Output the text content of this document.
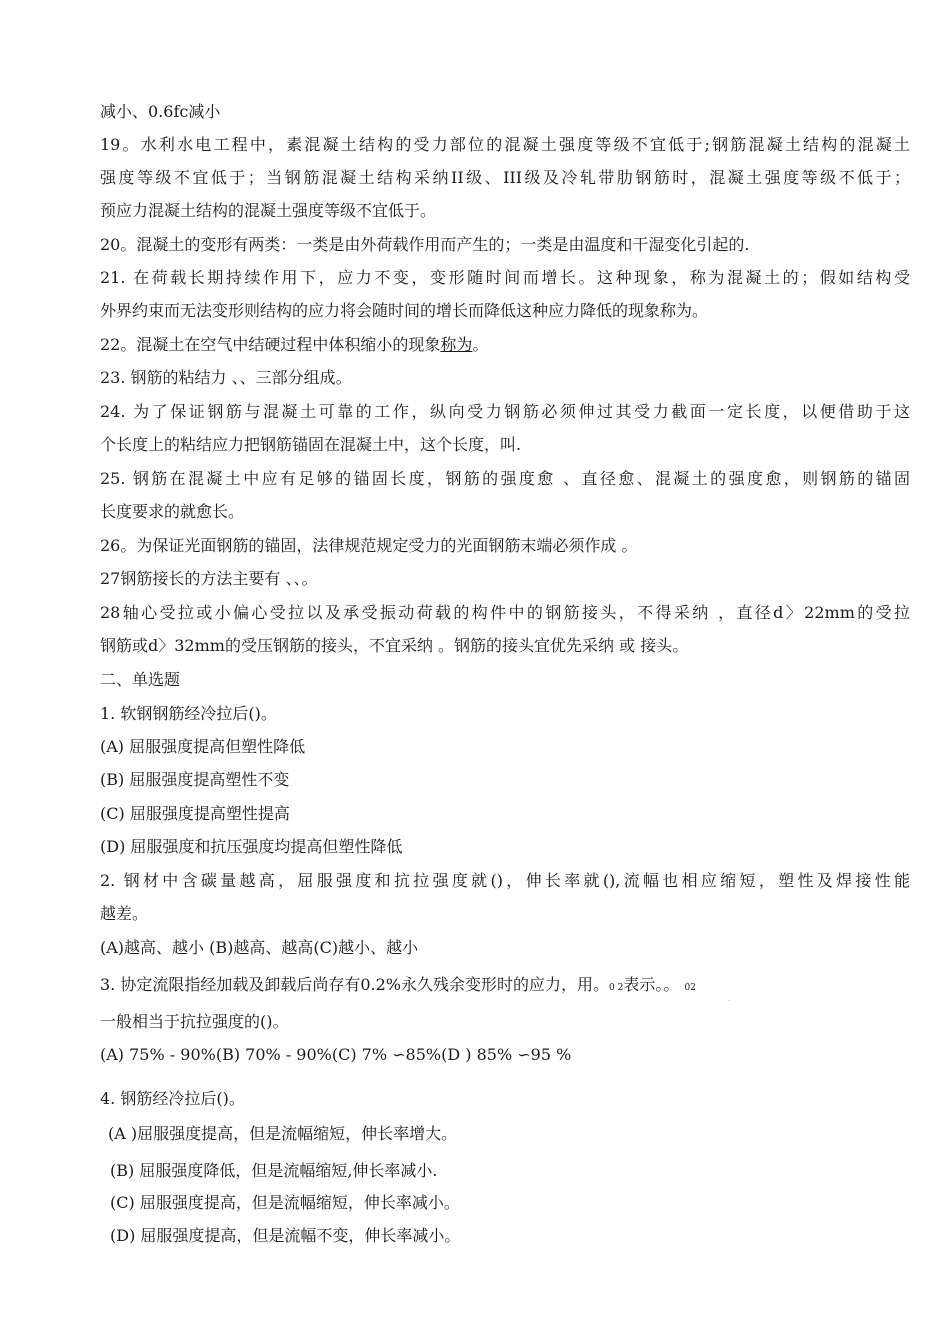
减小、0.6fc减小
19。水利水电工程中，素混凝土结构的受力部位的混凝土强度等级不宜低于;钢筋混凝土结构的混凝土
强度等级不宜低于；当钢筋混凝土结构采纳II级、III级及冷轧带肋钢筋时，混凝土强度等级不低于；
预应力混凝土结构的混凝土强度等级不宜低于。
20。混凝土的变形有两类：一类是由外荷载作用而产生的；一类是由温度和干湿变化引起的.
21. 在荷载长期持续作用下，应力不变，变形随时间而增长。这种现象，称为混凝土的；假如结构受
外界约束而无法变形则结构的应力将会随时间的增长而降低这种应力降低的现象称为。
22。混凝土在空气中结硬过程中体积缩小的现象称为。
23. 钢筋的粘结力 、、三部分组成。
24. 为了保证钢筋与混凝土可靠的工作，纵向受力钢筋必须伸过其受力截面一定长度，以便借助于这
个长度上的粘结应力把钢筋锚固在混凝土中，这个长度，叫.
25. 钢筋在混凝土中应有足够的锚固长度，钢筋的强度愈 、直径愈、混凝土的强度愈，则钢筋的锚固
长度要求的就愈长。
26。为保证光面钢筋的锚固，法律规范规定受力的光面钢筋末端必须作成 。
27钢筋接长的方法主要有 、、。
28轴心受拉或小偏心受拉以及承受振动荷载的构件中的钢筋接头，不得采纳 ，直径d〉22mm的受拉
钢筋或d〉32mm的受压钢筋的接头，不宜采纳 。钢筋的接头宜优先采纳 或 接头。
二、单选题
1. 软钢钢筋经冷拉后()。
(A) 屈服强度提高但塑性降低
(B) 屈服强度提高塑性不变
(C) 屈服强度提高塑性提高
(D) 屈服强度和抗压强度均提高但塑性降低
2. 钢材中含碳量越高，屈服强度和抗拉强度就()，伸长率就(),流幅也相应缩短，塑性及焊接性能
越差。
(A)越高、越小 (B)越高、越高(C)越小、越小
3. 协定流限指经加载及卸载后尚存有0.2%永久残余变形时的应力，用。0 2表示。。 02
·
一般相当于抗拉强度的()。
(A) 75% - 90%(B) 70% - 90%(C) 7% ∽85%(D ) 85% ∽95 %
4. 钢筋经冷拉后()。
(A )屈服强度提高，但是流幅缩短，伸长率增大。
(B) 屈服强度降低，但是流幅缩短,伸长率减小.
(C) 屈服强度提高，但是流幅缩短，伸长率减小。
(D) 屈服强度提高，但是流幅不变，伸长率减小。
